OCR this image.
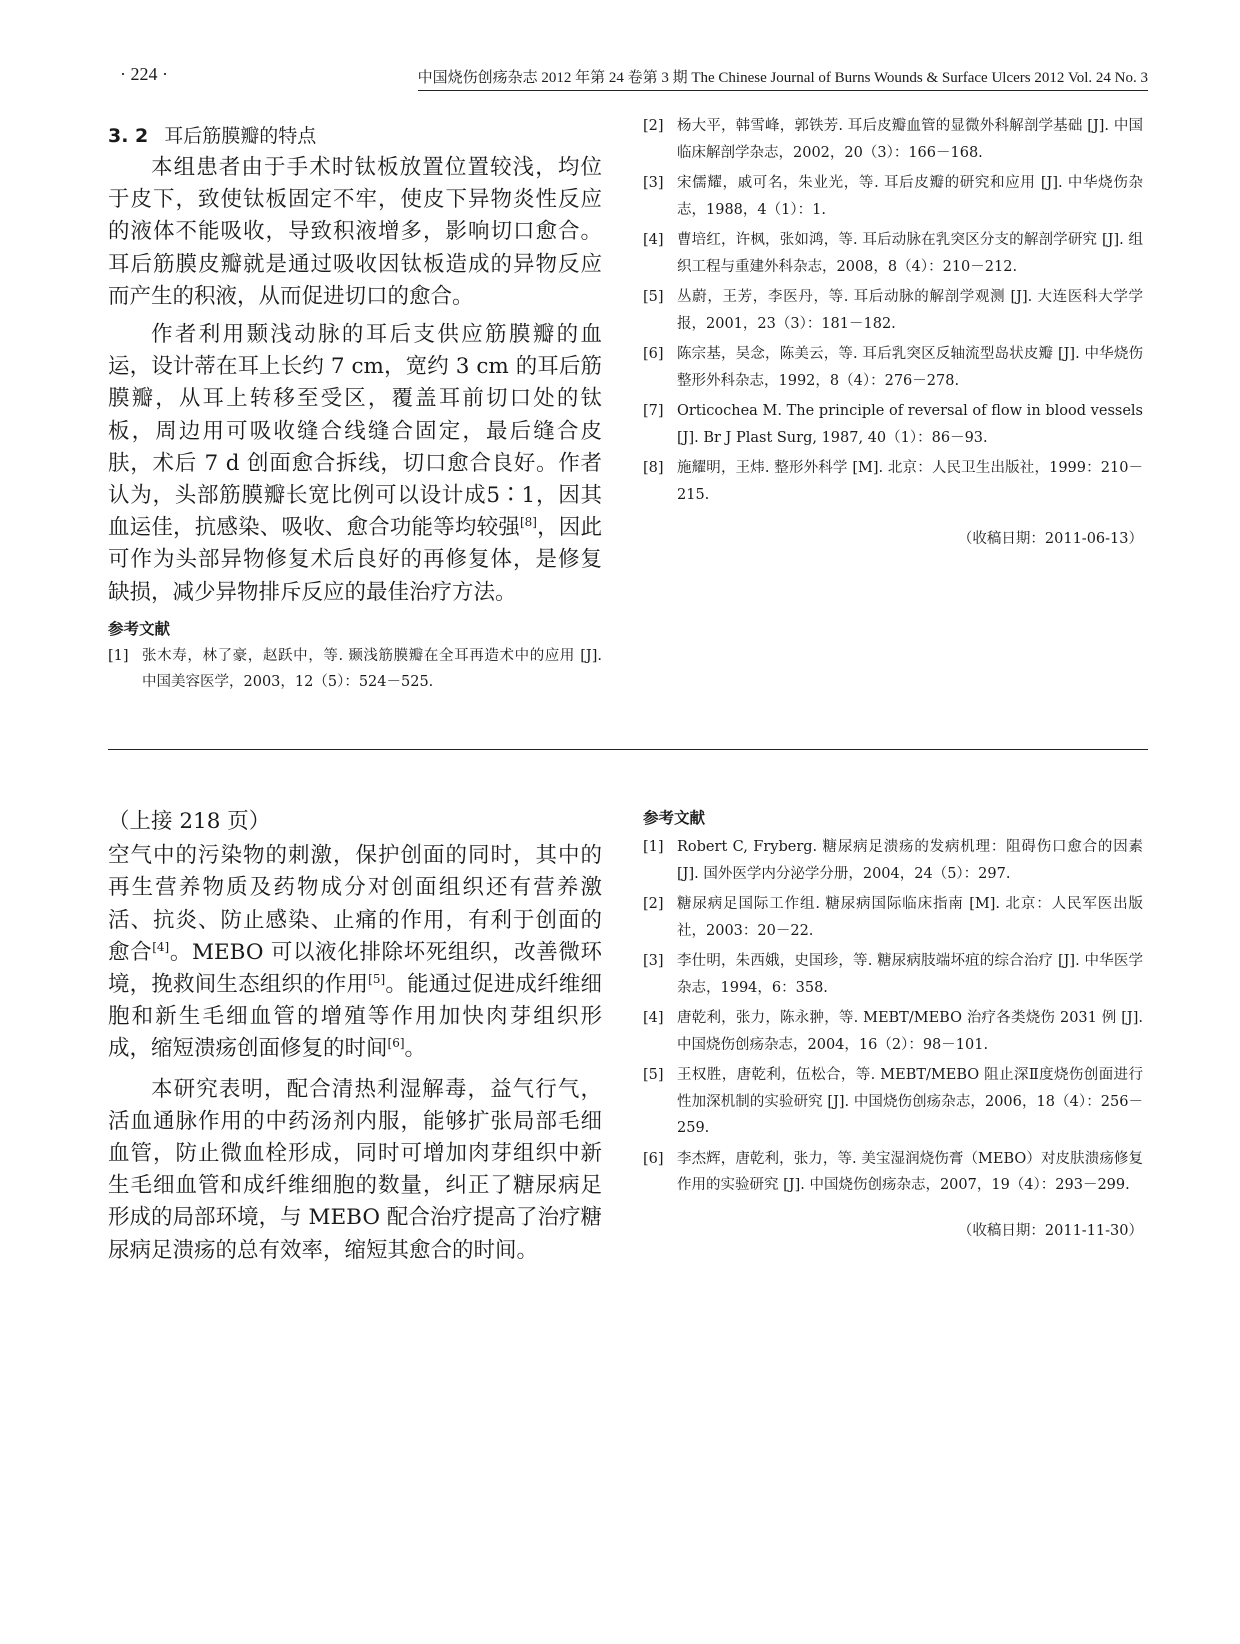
· 224 ·	中国烧伤创疡杂志 2012 年第 24 卷第 3 期 The Chinese Journal of Burns Wounds & Surface Ulcers 2012 Vol. 24 No. 3
3. 2 耳后筋膜瓣的特点

本组患者由于手术时钛板放置位置较浅，均位于皮下，致使钛板固定不牢，使皮下异物炎性反应的液体不能吸收，导致积液增多，影响切口愈合。耳后筋膜皮瓣就是通过吸收因钛板造成的异物反应而产生的积液，从而促进切口的愈合。

作者利用颞浅动脉的耳后支供应筋膜瓣的血运，设计蒂在耳上长约 7 cm，宽约 3 cm 的耳后筋膜瓣，从耳上转移至受区，覆盖耳前切口处的钛板，周边用可吸收缝合线缝合固定，最后缝合皮肤，术后 7 d 创面愈合拆线，切口愈合良好。作者认为，头部筋膜瓣长宽比例可以设计成5∶1，因其血运佳，抗感染、吸收、愈合功能等均较强[8]，因此可作为头部异物修复术后良好的再修复体，是修复缺损，减少异物排斥反应的最佳治疗方法。

参考文献
[1] 张木寿，林了豪，赵跃中，等. 颞浅筋膜瓣在全耳再造术中的应用 [J]. 中国美容医学，2003，12（5）：524－525.
[2] 杨大平，韩雪峰，郭铁芳. 耳后皮瓣血管的显微外科解剖学基础 [J]. 中国临床解剖学杂志，2002，20（3）：166－168.
[3] 宋儒耀，戚可名，朱业光，等. 耳后皮瓣的研究和应用 [J]. 中华烧伤杂志，1988，4（1）：1.
[4] 曹培红，许枫，张如鸿，等. 耳后动脉在乳突区分支的解剖学研究 [J]. 组织工程与重建外科杂志，2008，8（4）：210－212.
[5] 丛蔚，王芳，李医丹，等. 耳后动脉的解剖学观测 [J]. 大连医科大学学报，2001，23（3）：181－182.
[6] 陈宗基，吴念，陈美云，等. 耳后乳突区反轴流型岛状皮瓣 [J]. 中华烧伤整形外科杂志，1992，8（4）：276－278.
[7] Orticochea M. The principle of reversal of flow in blood vessels [J]. Br J Plast Surg, 1987, 40（1）：86－93.
[8] 施耀明，王炜. 整形外科学 [M]. 北京：人民卫生出版社，1999：210－215.
（收稿日期：2011-06-13）

（上接 218 页）

空气中的污染物的刺激，保护创面的同时，其中的再生营养物质及药物成分对创面组织还有营养激活、抗炎、防止感染、止痛的作用，有利于创面的愈合[4]。MEBO 可以液化排除坏死组织，改善微环境，挽救间生态组织的作用[5]。能通过促进成纤维细胞和新生毛细血管的增殖等作用加快肉芽组织形成，缩短溃疡创面修复的时间[6]。

本研究表明，配合清热利湿解毒，益气行气，活血通脉作用的中药汤剂内服，能够扩张局部毛细血管，防止微血栓形成，同时可增加肉芽组织中新生毛细血管和成纤维细胞的数量，纠正了糖尿病足形成的局部环境，与 MEBO 配合治疗提高了治疗糖尿病足溃疡的总有效率，缩短其愈合的时间。

参考文献
[1] Robert C, Fryberg. 糖尿病足溃疡的发病机理：阻碍伤口愈合的因素 [J]. 国外医学内分泌学分册，2004，24（5）：297.
[2] 糖尿病足国际工作组. 糖尿病国际临床指南 [M]. 北京：人民军医出版社，2003：20－22.
[3] 李仕明，朱西娥，史国珍，等. 糖尿病肢端坏疽的综合治疗 [J]. 中华医学杂志，1994，6：358.
[4] 唐乾利，张力，陈永翀，等. MEBT/MEBO 治疗各类烧伤 2031 例 [J]. 中国烧伤创疡杂志，2004，16（2）：98－101.
[5] 王权胜，唐乾利，伍松合，等. MEBT/MEBO 阻止深Ⅱ度烧伤创面进行性加深机制的实验研究 [J]. 中国烧伤创疡杂志，2006，18（4）：256－259.
[6] 李杰辉，唐乾利，张力，等. 美宝湿润烧伤膏（MEBO）对皮肤溃疡修复作用的实验研究 [J]. 中国烧伤创疡杂志，2007，19（4）：293－299.
（收稿日期：2011-11-30）
